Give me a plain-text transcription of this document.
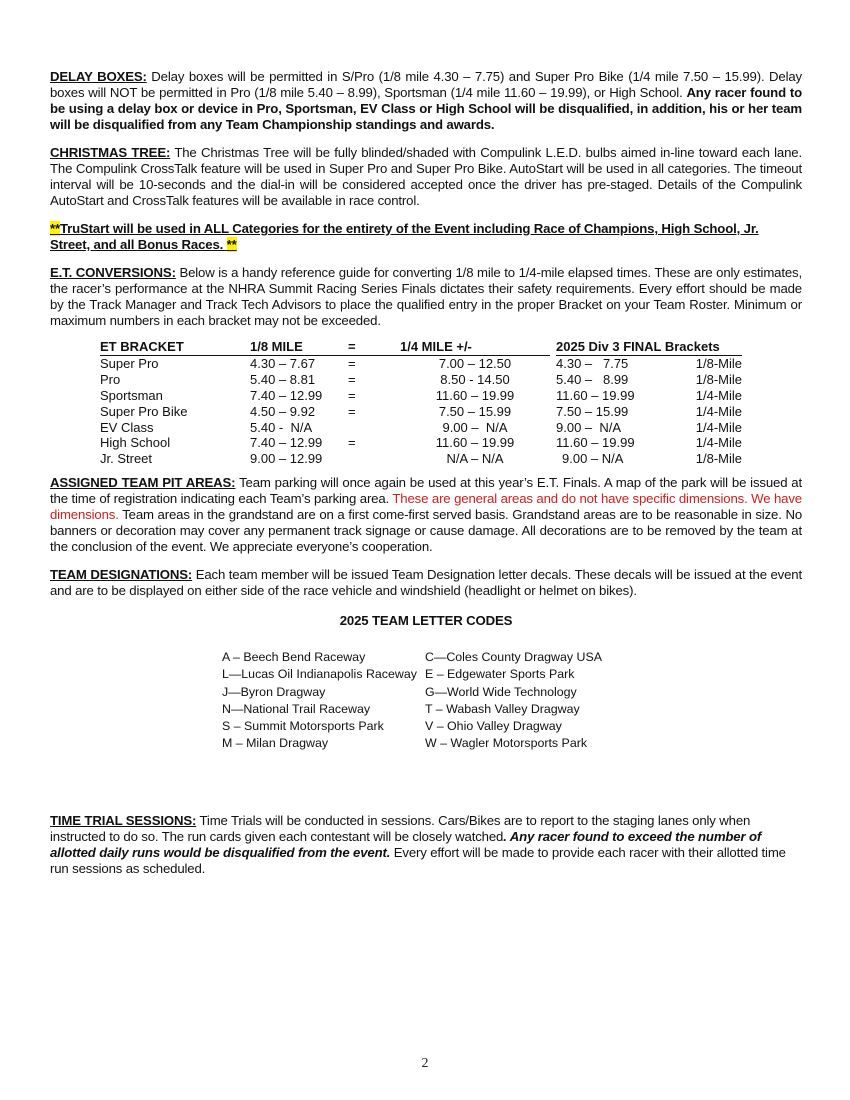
DELAY BOXES: Delay boxes will be permitted in S/Pro (1/8 mile 4.30 – 7.75) and Super Pro Bike (1/4 mile 7.50 – 15.99). Delay boxes will NOT be permitted in Pro (1/8 mile 5.40 – 8.99), Sportsman (1/4 mile 11.60 – 19.99), or High School. Any racer found to be using a delay box or device in Pro, Sportsman, EV Class or High School will be disqualified, in addition, his or her team will be disqualified from any Team Championship standings and awards.

CHRISTMAS TREE: The Christmas Tree will be fully blinded/shaded with Compulink L.E.D. bulbs aimed in-line toward each lane. The Compulink CrossTalk feature will be used in Super Pro and Super Pro Bike. AutoStart will be used in all categories. The timeout interval will be 10-seconds and the dial-in will be considered accepted once the driver has pre-staged. Details of the Compulink AutoStart and CrossTalk features will be available in race control.

**TruStart will be used in ALL Categories for the entirety of the Event including Race of Champions, High School, Jr. Street, and all Bonus Races. **

E.T. CONVERSIONS: Below is a handy reference guide for converting 1/8 mile to 1/4-mile elapsed times. These are only estimates, the racer’s performance at the NHRA Summit Racing Series Finals dictates their safety requirements. Every effort should be made by the Track Manager and Track Tech Advisors to place the qualified entry in the proper Bracket on your Team Roster. Minimum or maximum numbers in each bracket may not be exceeded.

ET BRACKET	1/8 MILE	=	1/4 MILE +/-		2025 Div 3 FINAL Brackets	
Super Pro	4.30 – 7.67	=	7.00 – 12.50		4.30 –   7.75	1/8-Mile
Pro	5.40 – 8.81	=	8.50 - 14.50		5.40 –   8.99	1/8-Mile
Sportsman	7.40 – 12.99	=	11.60 – 19.99		11.60 – 19.99	1/4-Mile
Super Pro Bike	4.50 – 9.92	=	7.50 – 15.99		7.50 – 15.99	1/4-Mile
EV Class	5.40 -  N/A		9.00 –  N/A		9.00 –  N/A	1/4-Mile
High School	7.40 – 12.99	=	11.60 – 19.99		11.60 – 19.99	1/4-Mile
Jr. Street	9.00 – 12.99		N/A – N/A		9.00 – N/A	1/8-Mile

ASSIGNED TEAM PIT AREAS: Team parking will once again be used at this year’s E.T. Finals. A map of the park will be issued at the time of registration indicating each Team’s parking area. These are general areas and do not have specific dimensions. We have dimensions. Team areas in the grandstand are on a first come-first served basis. Grandstand areas are to be reasonable in size. No banners or decoration may cover any permanent track signage or cause damage. All decorations are to be removed by the team at the conclusion of the event. We appreciate everyone’s cooperation.

TEAM DESIGNATIONS: Each team member will be issued Team Designation letter decals. These decals will be issued at the event and are to be displayed on either side of the race vehicle and windshield (headlight or helmet on bikes).

2025 TEAM LETTER CODES
A – Beech Bend Raceway	C—Coles County Dragway USA
L—Lucas Oil Indianapolis Raceway E – Edgewater Sports Park
J—Byron Dragway	G—World Wide Technology
N—National Trail Raceway	T – Wabash Valley Dragway
S – Summit Motorsports Park	V – Ohio Valley Dragway
M – Milan Dragway	W – Wagler Motorsports Park

TIME TRIAL SESSIONS: Time Trials will be conducted in sessions. Cars/Bikes are to report to the staging lanes only when instructed to do so. The run cards given each contestant will be closely watched. Any racer found to exceed the number of allotted daily runs would be disqualified from the event. Every effort will be made to provide each racer with their allotted time run sessions as scheduled.

2
